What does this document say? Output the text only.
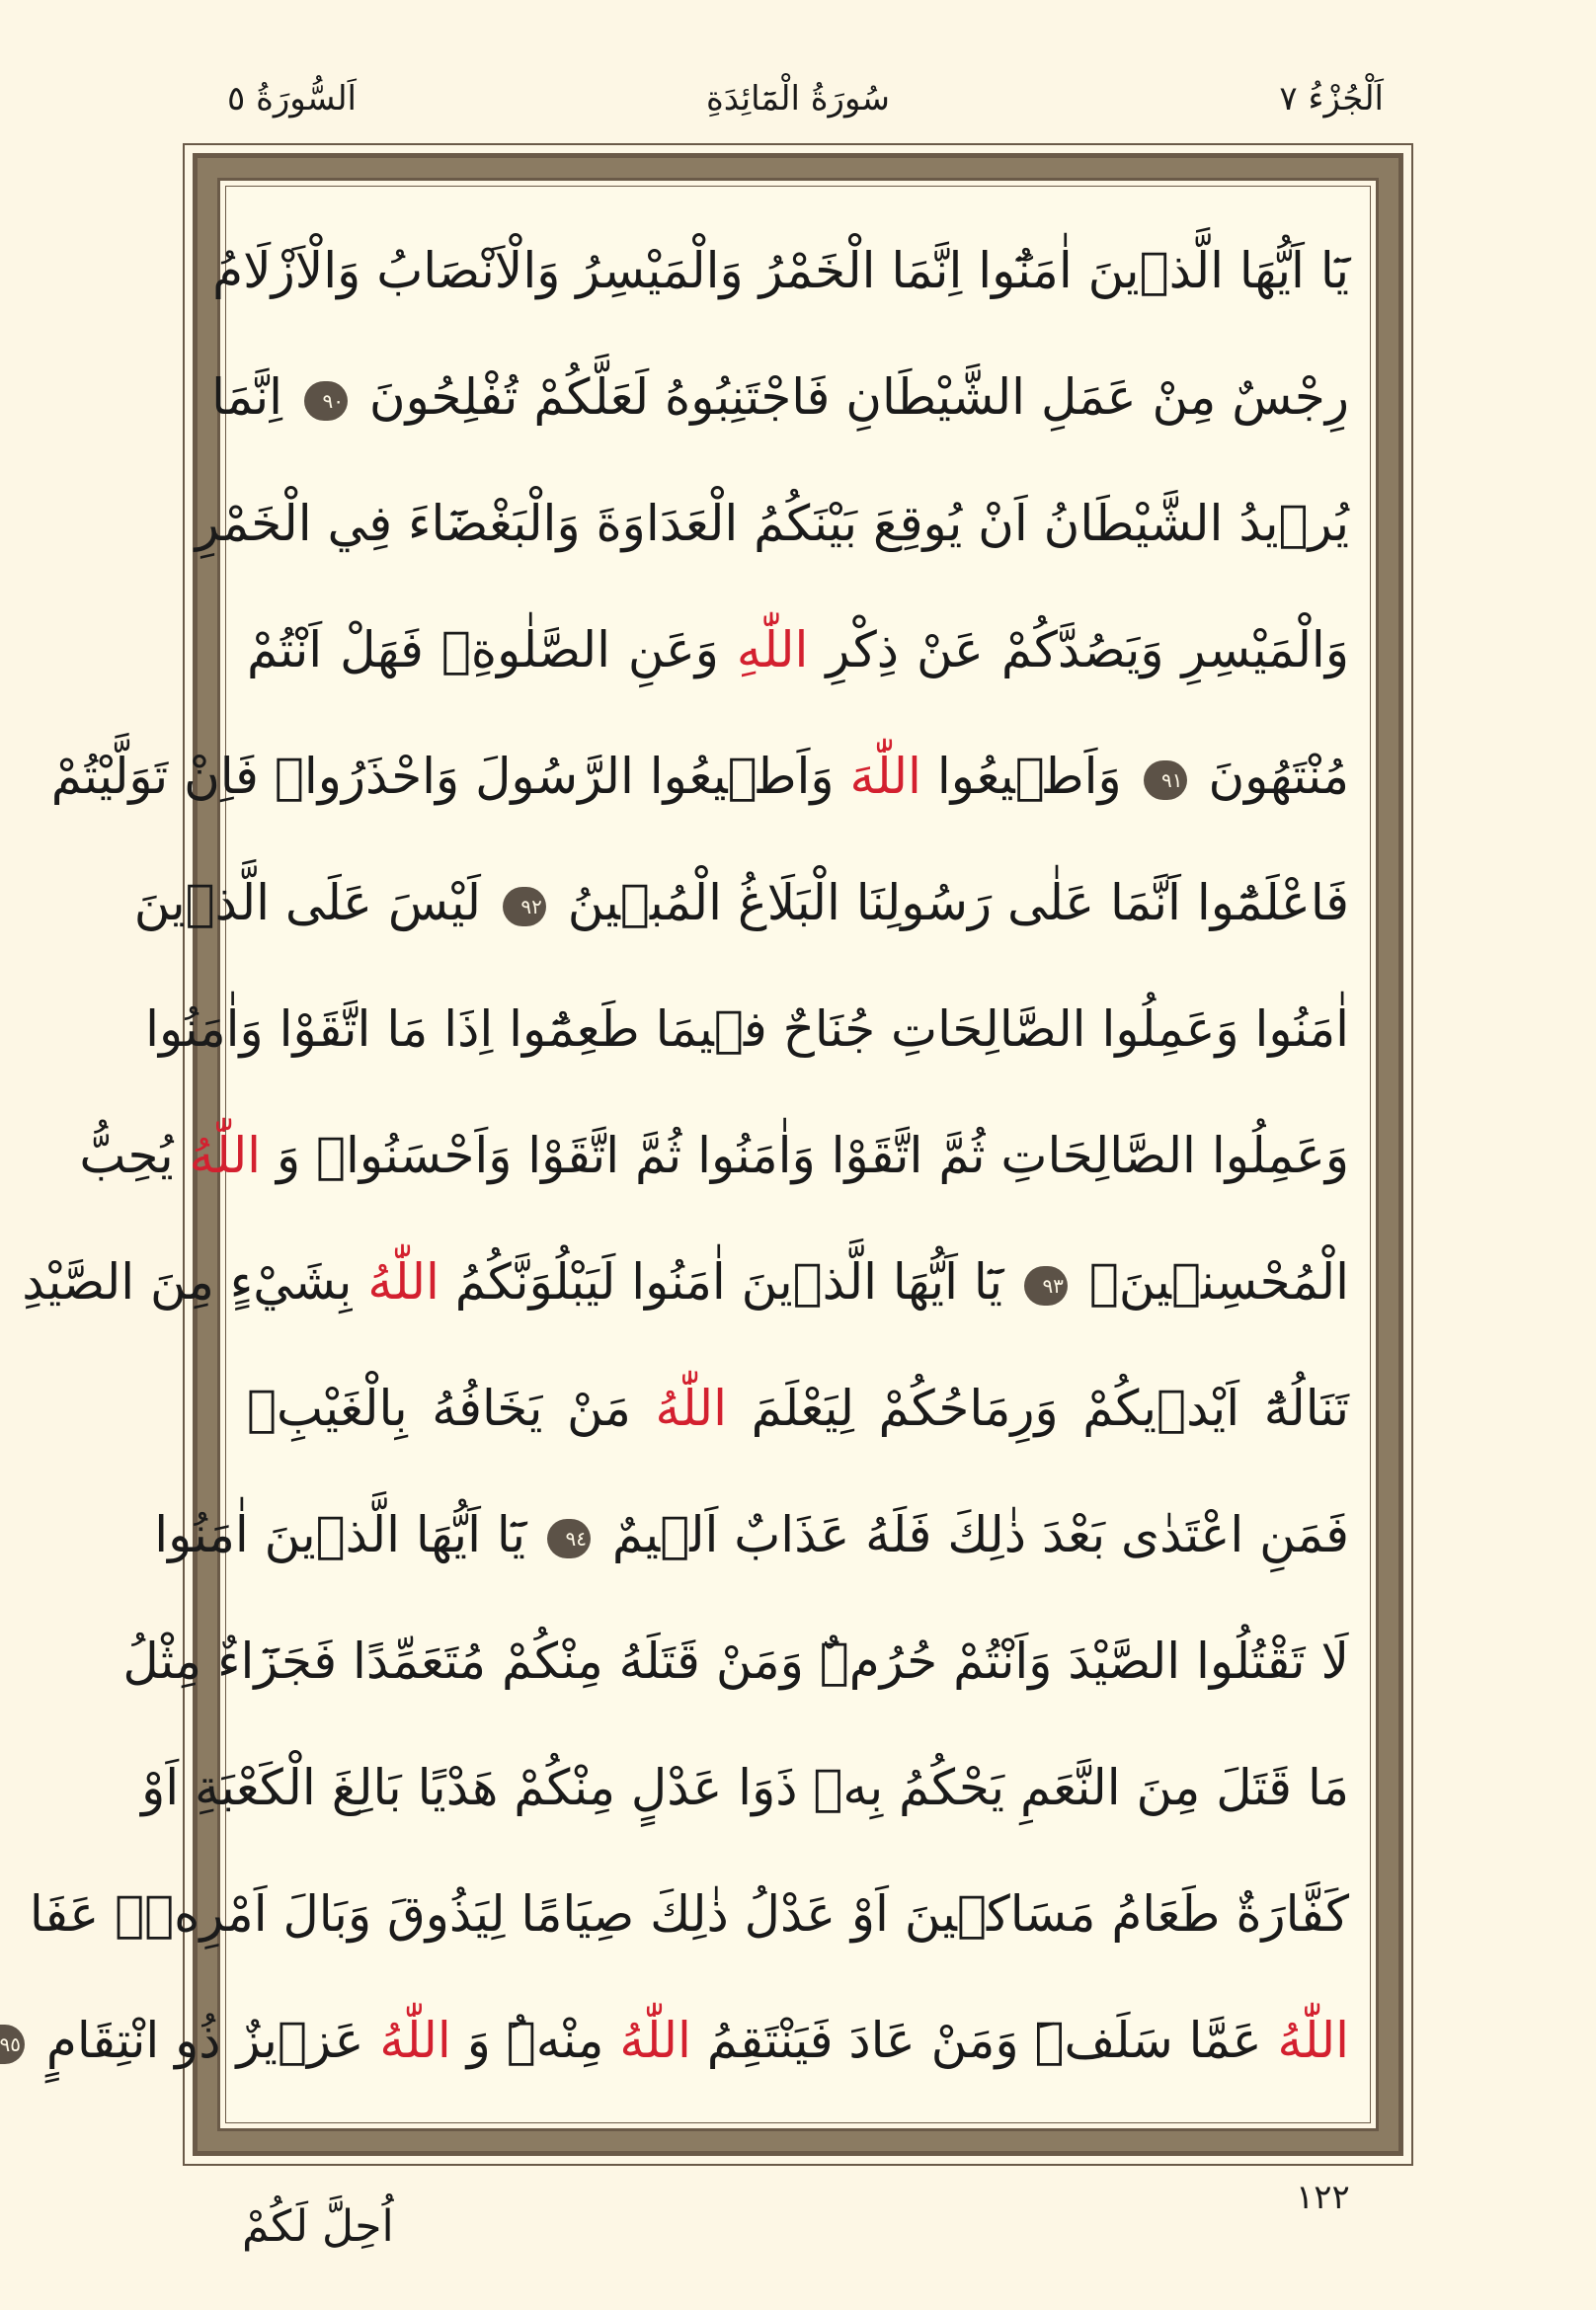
اَلْجُزْءُ ٧
سُورَةُ الْمَٓائِدَةِ
اَلسُّورَةُ ٥
يَٓا اَيُّهَا الَّذ۪ينَ اٰمَنُٓوا اِنَّمَا الْخَمْرُ وَالْمَيْسِرُ وَالْاَنْصَابُ وَالْاَزْلَامُ
رِجْسٌ مِنْ عَمَلِ الشَّيْطَانِ فَاجْتَنِبُوهُ لَعَلَّكُمْ تُفْلِحُونَ ٩٠ اِنَّمَا
يُر۪يدُ الشَّيْطَانُ اَنْ يُوقِعَ بَيْنَكُمُ الْعَدَاوَةَ وَالْبَغْضَٓاءَ فِي الْخَمْرِ
وَالْمَيْسِرِ وَيَصُدَّكُمْ عَنْ ذِكْرِ اللّٰهِ وَعَنِ الصَّلٰوةِۚ فَهَلْ اَنْتُمْ
مُنْتَهُونَ ٩١ وَاَط۪يعُوا اللّٰهَ وَاَط۪يعُوا الرَّسُولَ وَاحْذَرُواۚ فَاِنْ تَوَلَّيْتُمْ
فَاعْلَمُٓوا اَنَّمَا عَلٰى رَسُولِنَا الْبَلَاغُ الْمُب۪ينُ ٩٢ لَيْسَ عَلَى الَّذ۪ينَ
اٰمَنُوا وَعَمِلُوا الصَّالِحَاتِ جُنَاحٌ ف۪يمَا طَعِمُٓوا اِذَا مَا اتَّقَوْا وَاٰمَنُوا
وَعَمِلُوا الصَّالِحَاتِ ثُمَّ اتَّقَوْا وَاٰمَنُوا ثُمَّ اتَّقَوْا وَاَحْسَنُواۜ وَ اللّٰهُ يُحِبُّ
الْمُحْسِن۪ينَۙ ٩٣ يَٓا اَيُّهَا الَّذ۪ينَ اٰمَنُوا لَيَبْلُوَنَّكُمُ اللّٰهُ بِشَيْءٍ مِنَ الصَّيْدِ
تَنَالُهُٓ اَيْد۪يكُمْ وَرِمَاحُكُمْ لِيَعْلَمَ اللّٰهُ مَنْ يَخَافُهُ بِالْغَيْبِۚ
فَمَنِ اعْتَدٰى بَعْدَ ذٰلِكَ فَلَهُ عَذَابٌ اَل۪يمٌ ٩٤ يَٓا اَيُّهَا الَّذ۪ينَ اٰمَنُوا
لَا تَقْتُلُوا الصَّيْدَ وَاَنْتُمْ حُرُمٌۜ وَمَنْ قَتَلَهُ مِنْكُمْ مُتَعَمِّدًا فَجَزَٓاءٌ مِثْلُ
مَا قَتَلَ مِنَ النَّعَمِ يَحْكُمُ بِه۪ ذَوَا عَدْلٍ مِنْكُمْ هَدْيًا بَالِغَ الْكَعْبَةِ اَوْ
كَفَّارَةٌ طَعَامُ مَسَاك۪ينَ اَوْ عَدْلُ ذٰلِكَ صِيَامًا لِيَذُوقَ وَبَالَ اَمْرِه۪ۜ عَفَا
اللّٰهُ عَمَّا سَلَفَۜ وَمَنْ عَادَ فَيَنْتَقِمُ اللّٰهُ مِنْهُۜ وَ اللّٰهُ عَز۪يزٌ ذُو انْتِقَامٍ ٩٥
١٢٢
اُحِلَّ لَكُمْ
